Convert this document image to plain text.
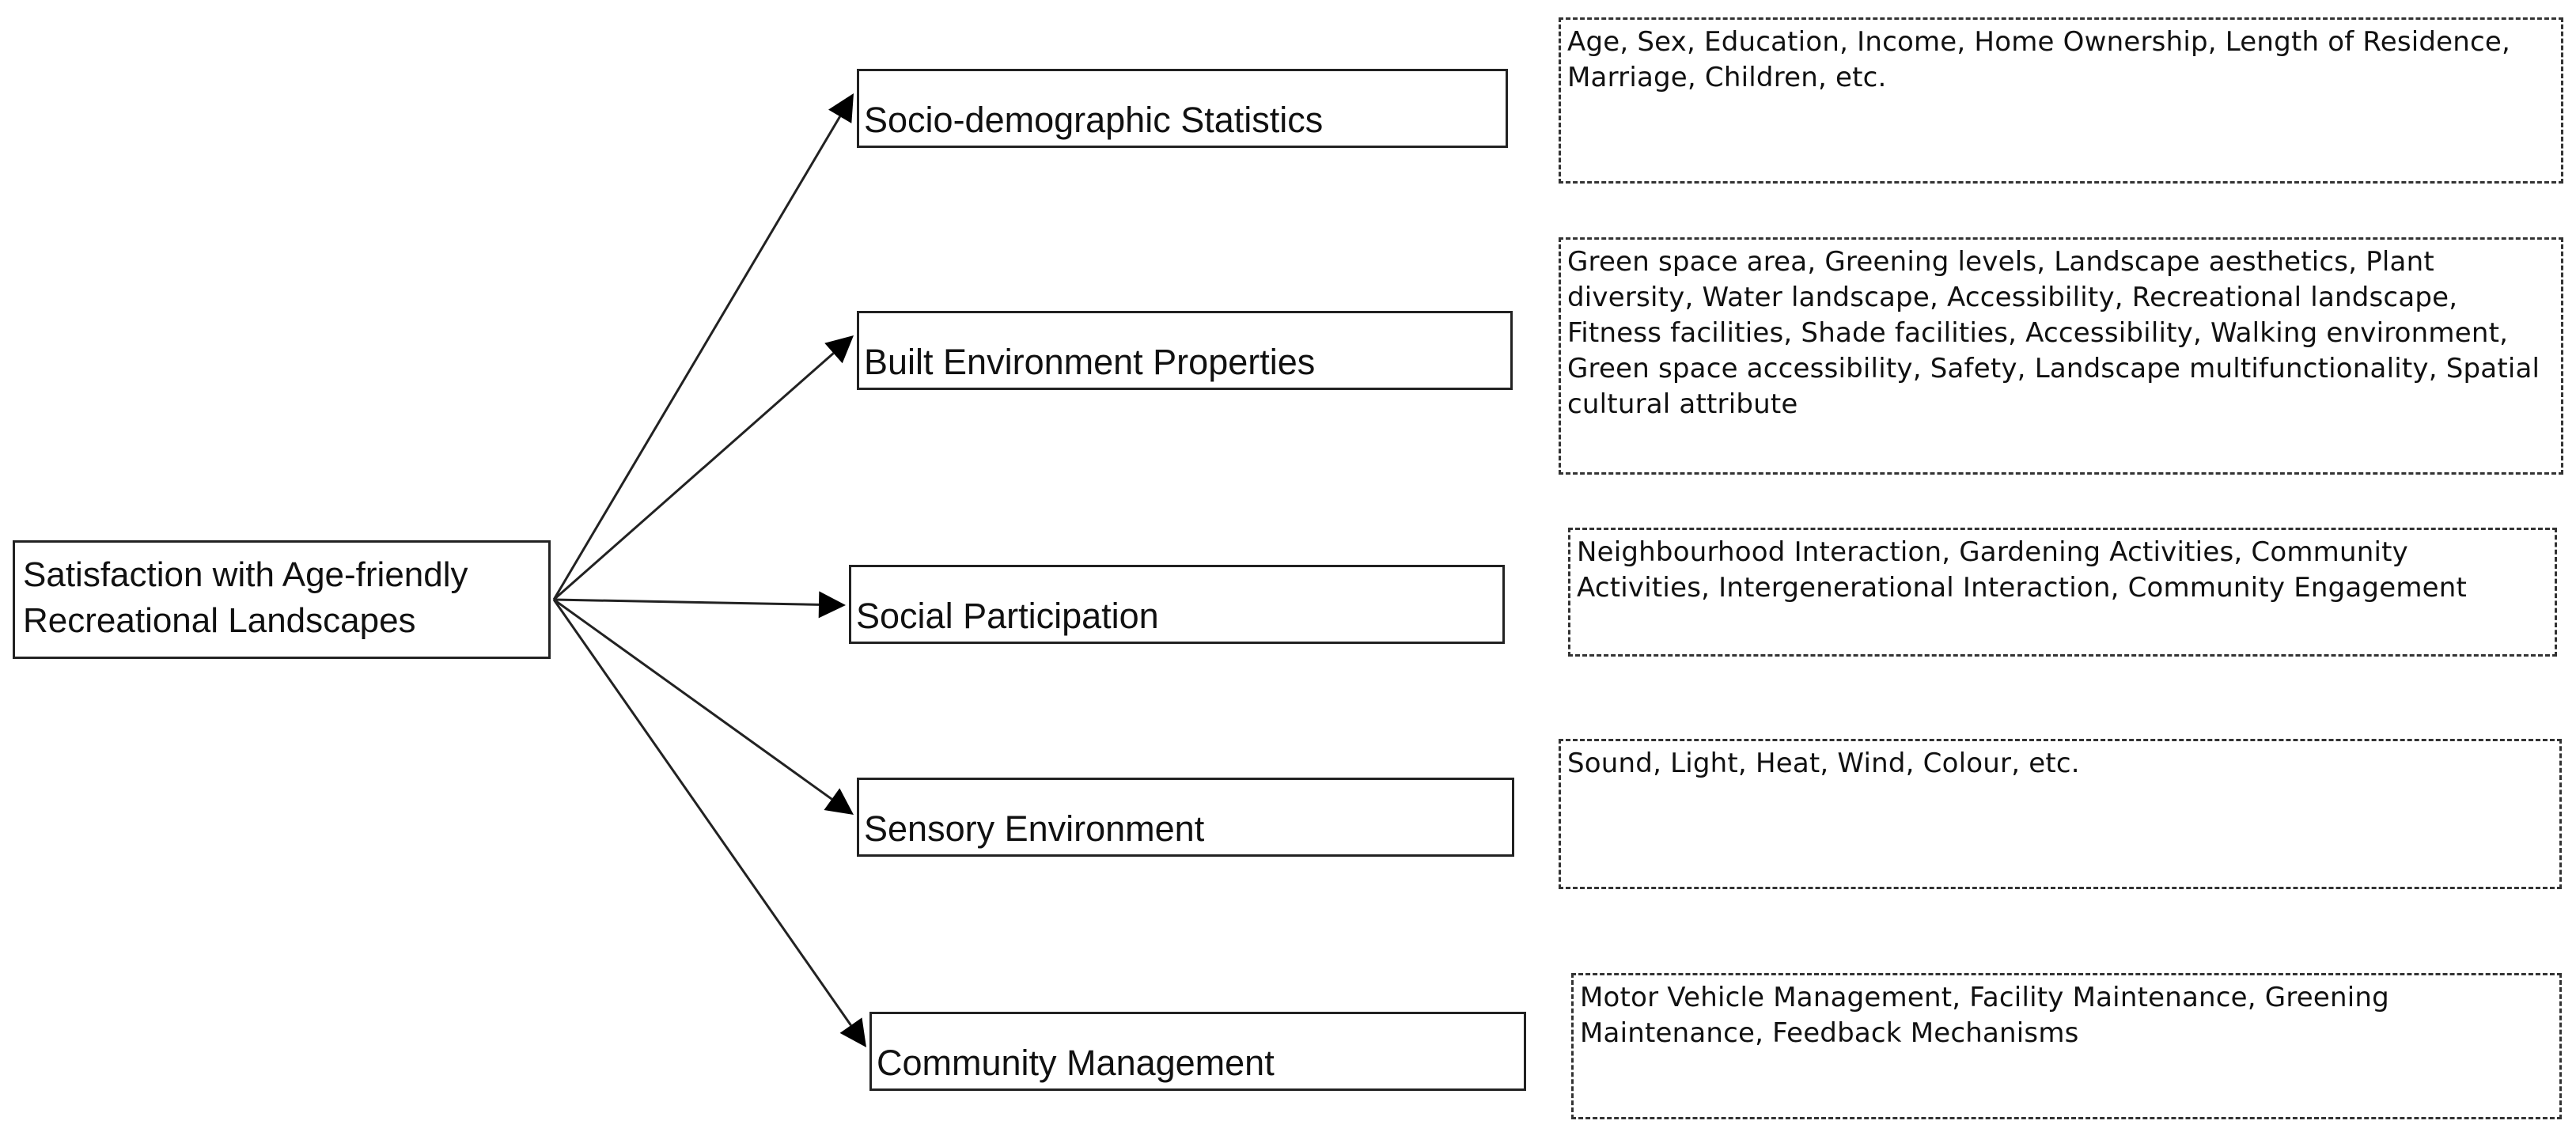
Satisfaction with Age-friendly Recreational Landscapes
Socio-demographic Statistics
Built Environment Properties
Social Participation
Sensory Environment
Community Management
Age, Sex, Education, Income, Home Ownership, Length of Residence, Marriage, Children, etc.
Green space area, Greening levels, Landscape aesthetics, Plant diversity, Water landscape, Accessibility, Recreational landscape, Fitness facilities, Shade facilities, Accessibility, Walking environment, Green space accessibility, Safety, Landscape multifunctionality, Spatial cultural attribute
Neighbourhood Interaction, Gardening Activities, Community Activities, Intergenerational Interaction, Community Engagement
Sound, Light, Heat, Wind, Colour, etc.
Motor Vehicle Management, Facility Maintenance, Greening Maintenance, Feedback Mechanisms
